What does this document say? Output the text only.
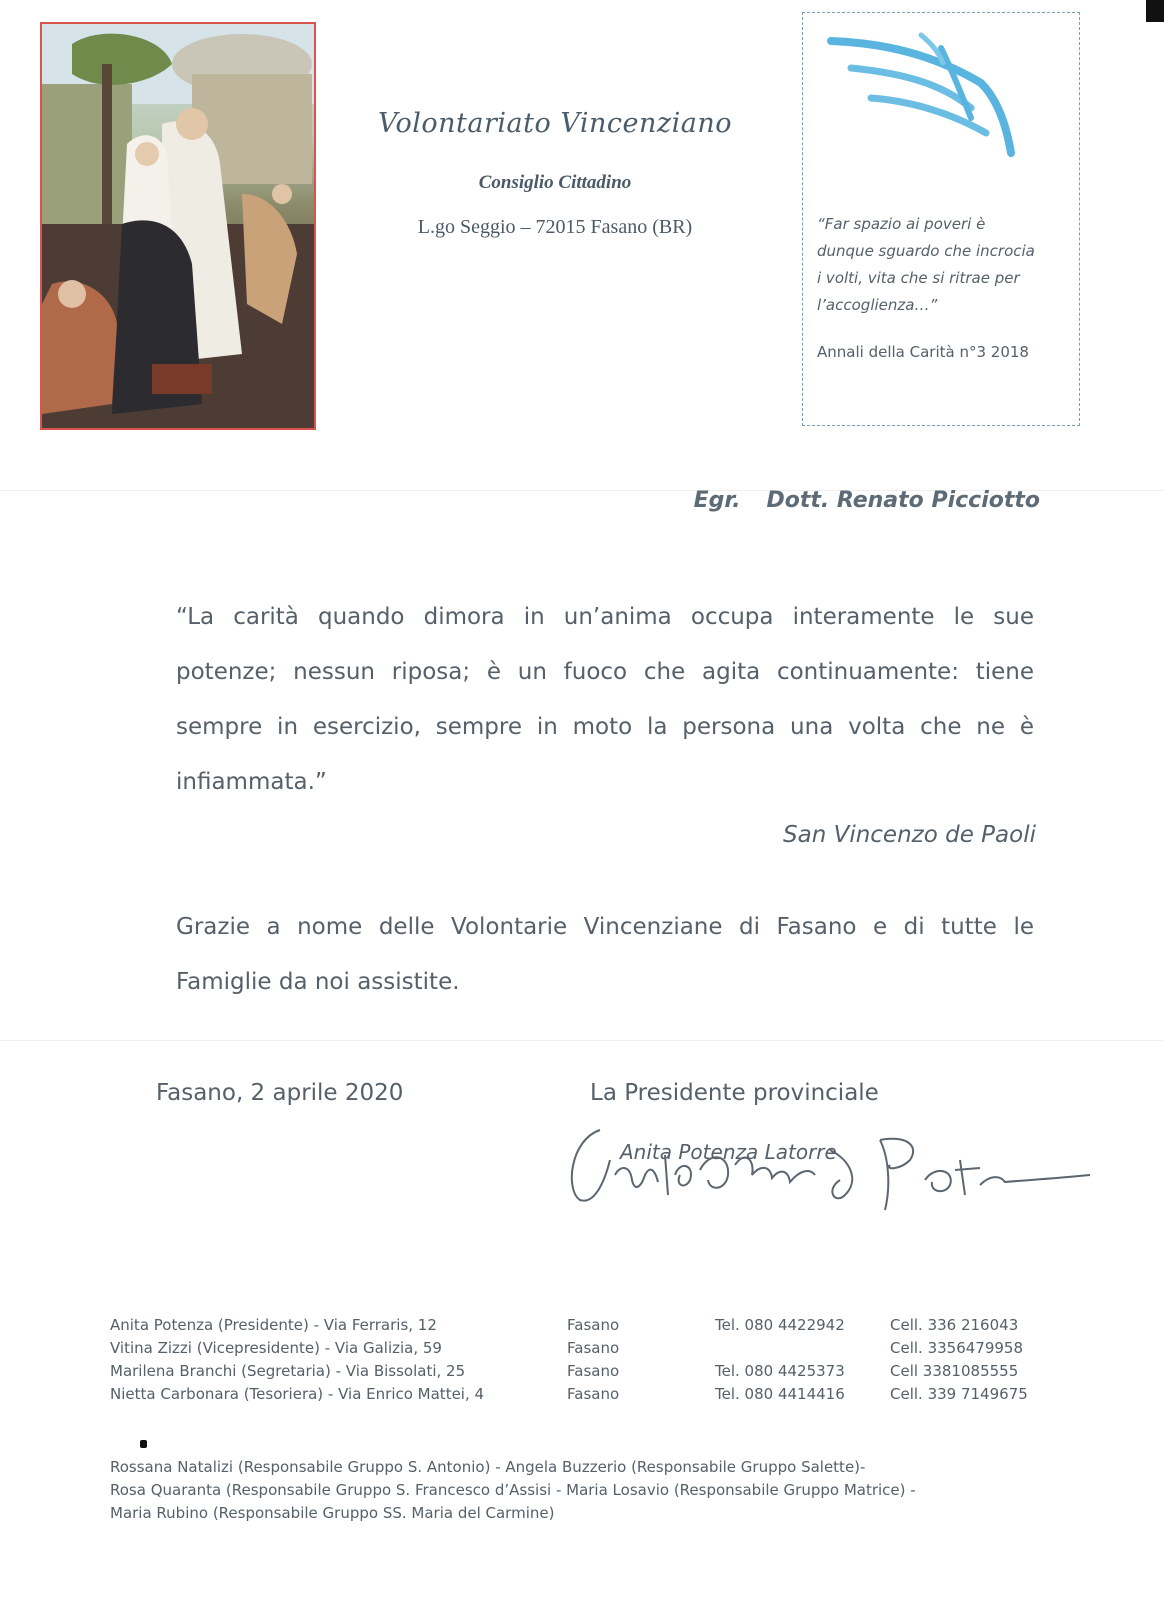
Volontariato Vincenziano
Consiglio Cittadino
L.go Seggio – 72015 Fasano (BR)	“Far spazio ai poveri è
dunque sguardo che incrocia
i volti, vita che si ritrae per
l’accoglienza…”
Annali della Carità n°3 2018
Egr. Dott. Renato Picciotto
“La carità quando dimora in un’anima occupa interamente le sue potenze; nessun riposa; è un fuoco che agita continuamente: tiene sempre in esercizio, sempre in moto la persona una volta che ne è infiammata.”
San Vincenzo de Paoli
Grazie a nome delle Volontarie Vincenziane di Fasano e di tutte le Famiglie da noi assistite.
Fasano, 2 aprile 2020	La Presidente provinciale
Anita Potenza Latorre
Anita Potenza (Presidente) - Via Ferraris, 12	Fasano	Tel. 080 4422942	Cell. 336 216043
Vitina Zizzi (Vicepresidente) - Via Galizia, 59	Fasano		Cell. 3356479958
Marilena Branchi (Segretaria) - Via Bissolati, 25	Fasano	Tel. 080 4425373	Cell 3381085555
Nietta Carbonara (Tesoriera) - Via Enrico Mattei, 4	Fasano	Tel. 080 4414416	Cell. 339 7149675
Rossana Natalizi (Responsabile Gruppo S. Antonio) - Angela Buzzerio (Responsabile Gruppo Salette)-
Rosa Quaranta (Responsabile Gruppo S. Francesco d’Assisi - Maria Losavio (Responsabile Gruppo Matrice) -
Maria Rubino (Responsabile Gruppo SS. Maria del Carmine)
